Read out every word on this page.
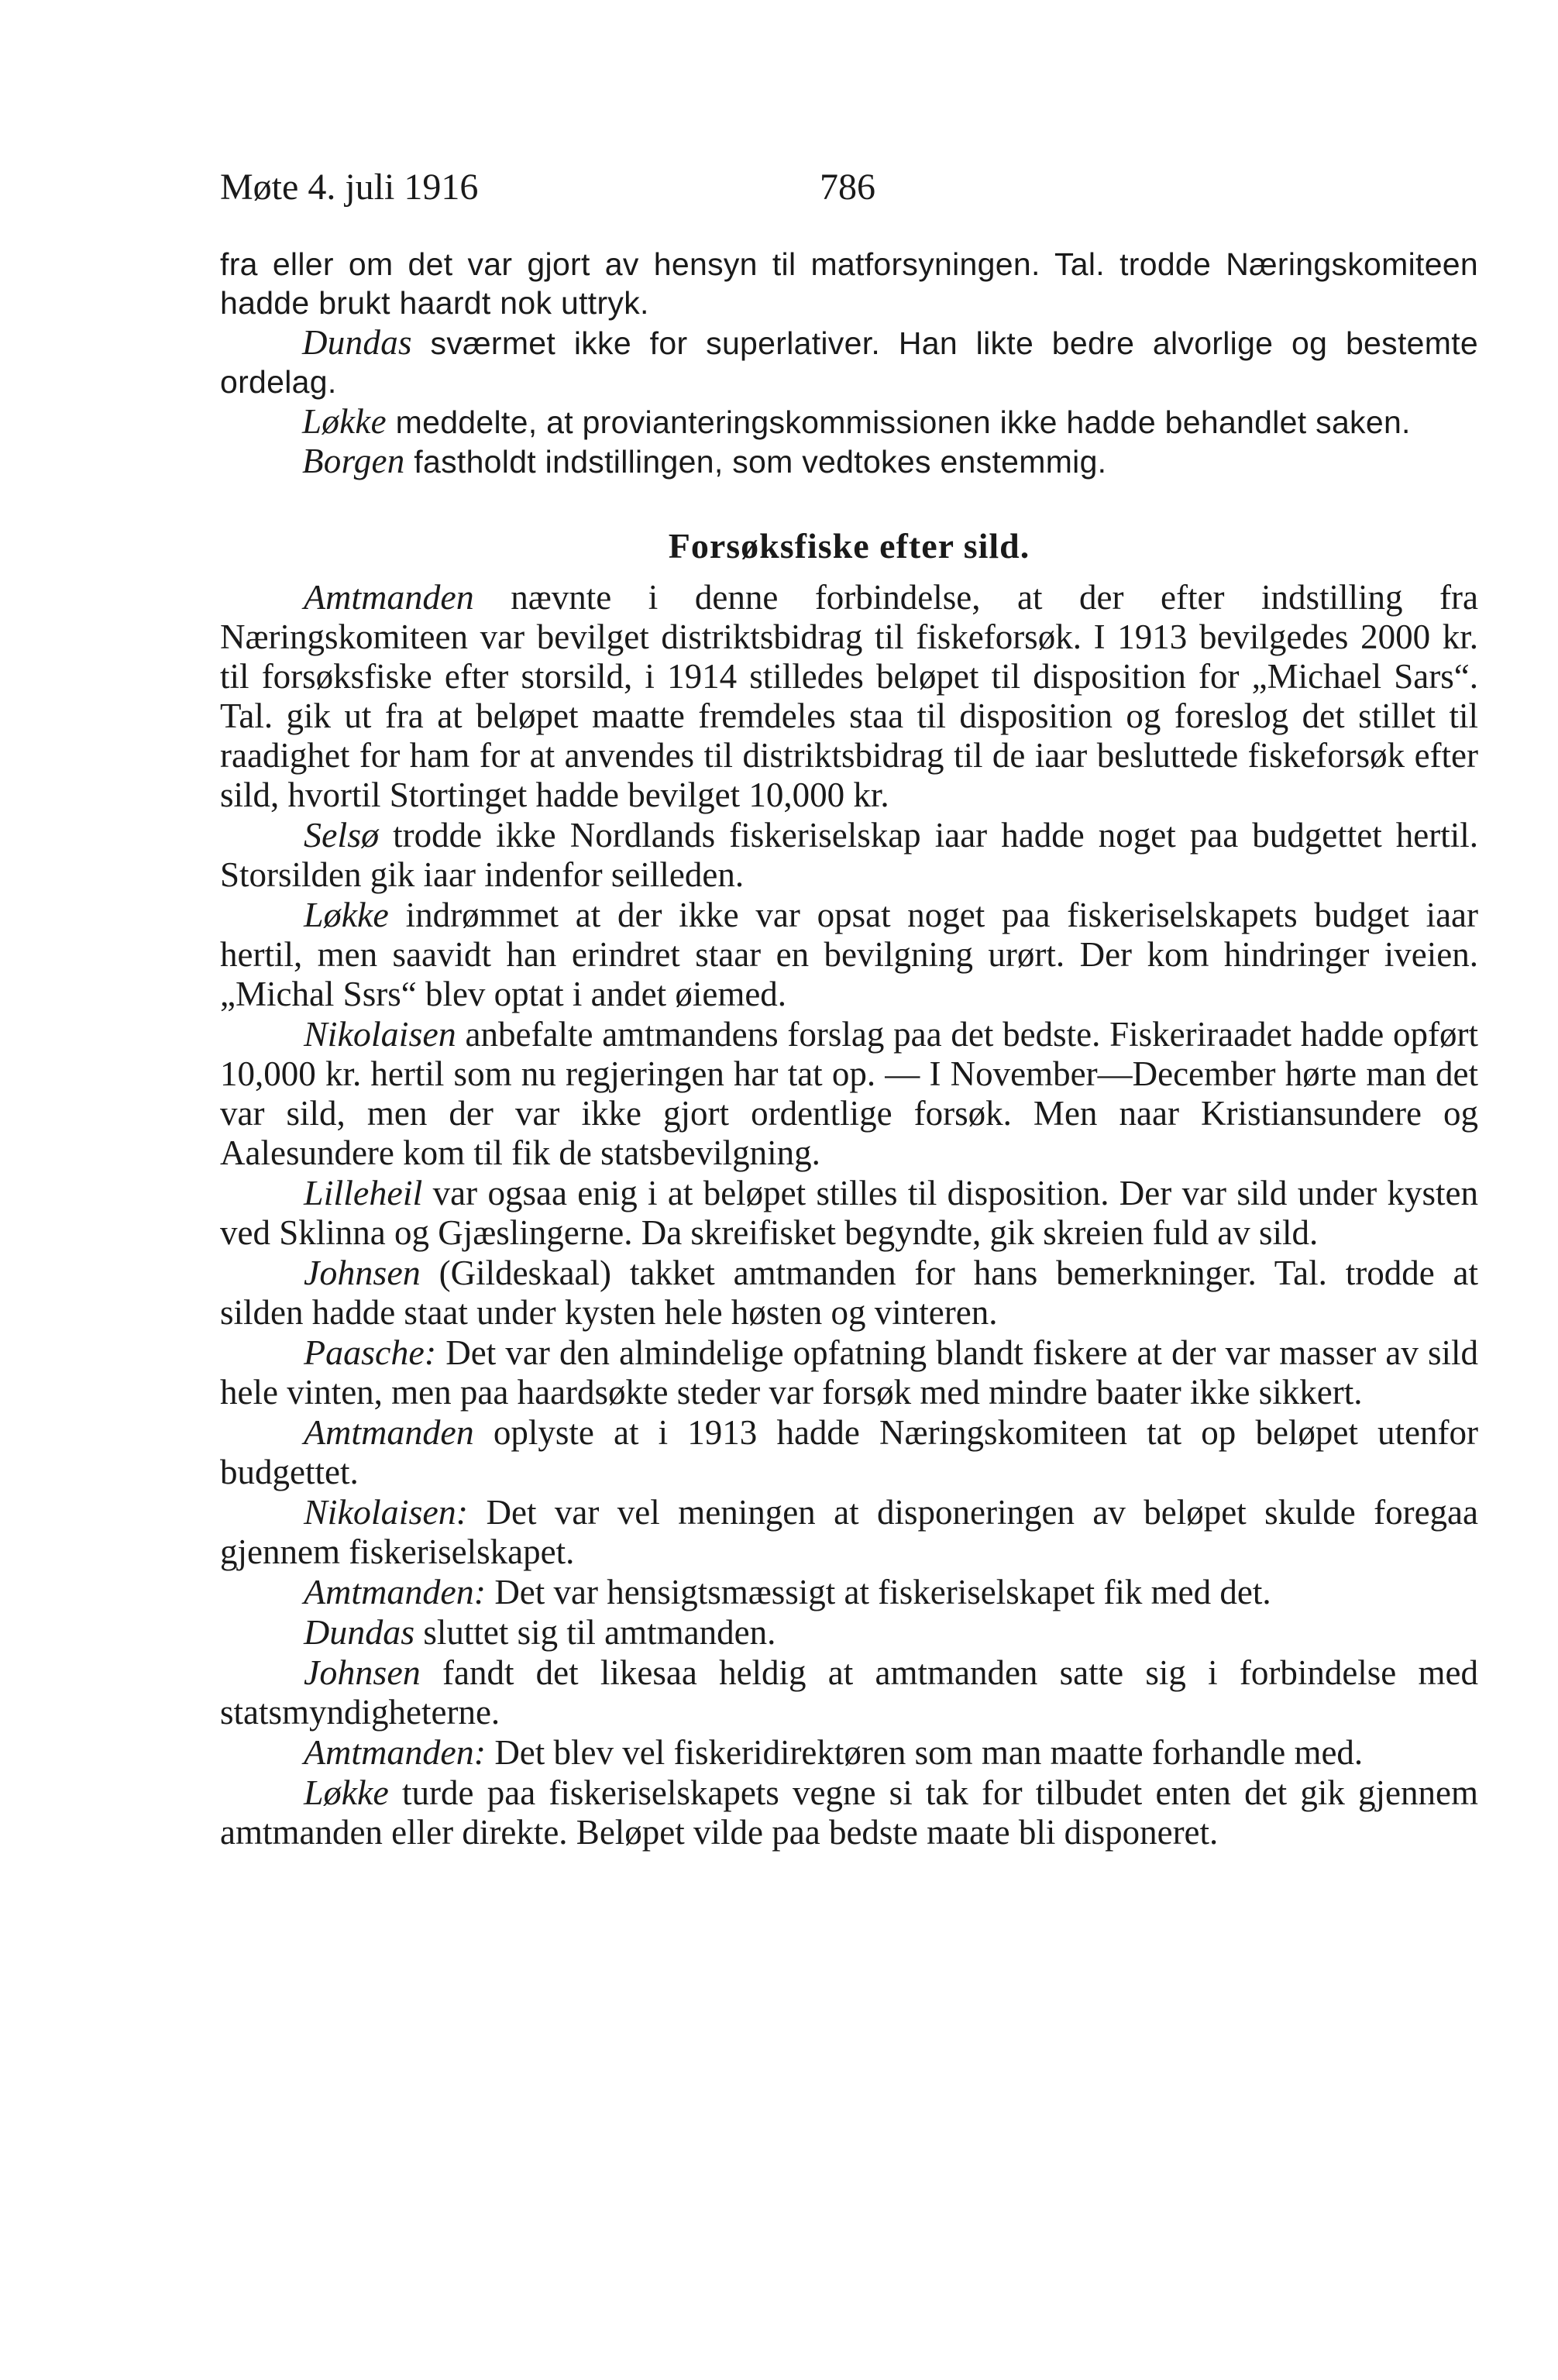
Møte 4. juli 1916	786

fra eller om det var gjort av hensyn til matforsyningen. Tal. trodde Næringskomiteen hadde brukt haardt nok uttryk.

Dundas sværmet ikke for superlativer. Han likte bedre alvorlige og bestemte ordelag.

Løkke meddelte, at provianteringskommissionen ikke hadde behandlet saken.

Borgen fastholdt indstillingen, som vedtokes enstemmig.

Forsøksfiske efter sild.

Amtmanden nævnte i denne forbindelse, at der efter indstilling fra Næringskomiteen var bevilget distriktsbidrag til fiskeforsøk. I 1913 bevilgedes 2000 kr. til forsøksfiske efter storsild, i 1914 stilledes beløpet til disposition for „Michael Sars“. Tal. gik ut fra at beløpet maatte fremdeles staa til disposition og foreslog det stillet til raadighet for ham for at anvendes til distriktsbidrag til de iaar besluttede fiskeforsøk efter sild, hvortil Stortinget hadde bevilget 10,000 kr.

Selsø trodde ikke Nordlands fiskeriselskap iaar hadde noget paa budgettet hertil. Storsilden gik iaar indenfor seilleden.

Løkke indrømmet at der ikke var opsat noget paa fiskeriselskapets budget iaar hertil, men saavidt han erindret staar en bevilgning urørt. Der kom hindringer iveien. „Michal Ssrs“ blev optat i andet øiemed.

Nikolaisen anbefalte amtmandens forslag paa det bedste. Fiskeriraadet hadde opført 10,000 kr. hertil som nu regjeringen har tat op. — I November—December hørte man det var sild, men der var ikke gjort ordentlige forsøk. Men naar Kristiansundere og Aalesundere kom til fik de statsbevilgning.

Lilleheil var ogsaa enig i at beløpet stilles til disposition. Der var sild under kysten ved Sklinna og Gjæslingerne. Da skreifisket begyndte, gik skreien fuld av sild.

Johnsen (Gildeskaal) takket amtmanden for hans bemerkninger. Tal. trodde at silden hadde staat under kysten hele høsten og vinteren.

Paasche: Det var den almindelige opfatning blandt fiskere at der var masser av sild hele vinten, men paa haardsøkte steder var forsøk med mindre baater ikke sikkert.

Amtmanden oplyste at i 1913 hadde Næringskomiteen tat op beløpet utenfor budgettet.

Nikolaisen: Det var vel meningen at disponeringen av beløpet skulde foregaa gjennem fiskeriselskapet.

Amtmanden: Det var hensigtsmæssigt at fiskeriselskapet fik med det.

Dundas sluttet sig til amtmanden.

Johnsen fandt det likesaa heldig at amtmanden satte sig i forbindelse med statsmyndigheterne.

Amtmanden: Det blev vel fiskeridirektøren som man maatte forhandle med.

Løkke turde paa fiskeriselskapets vegne si tak for tilbudet enten det gik gjennem amtmanden eller direkte. Beløpet vilde paa bedste maate bli disponeret.
